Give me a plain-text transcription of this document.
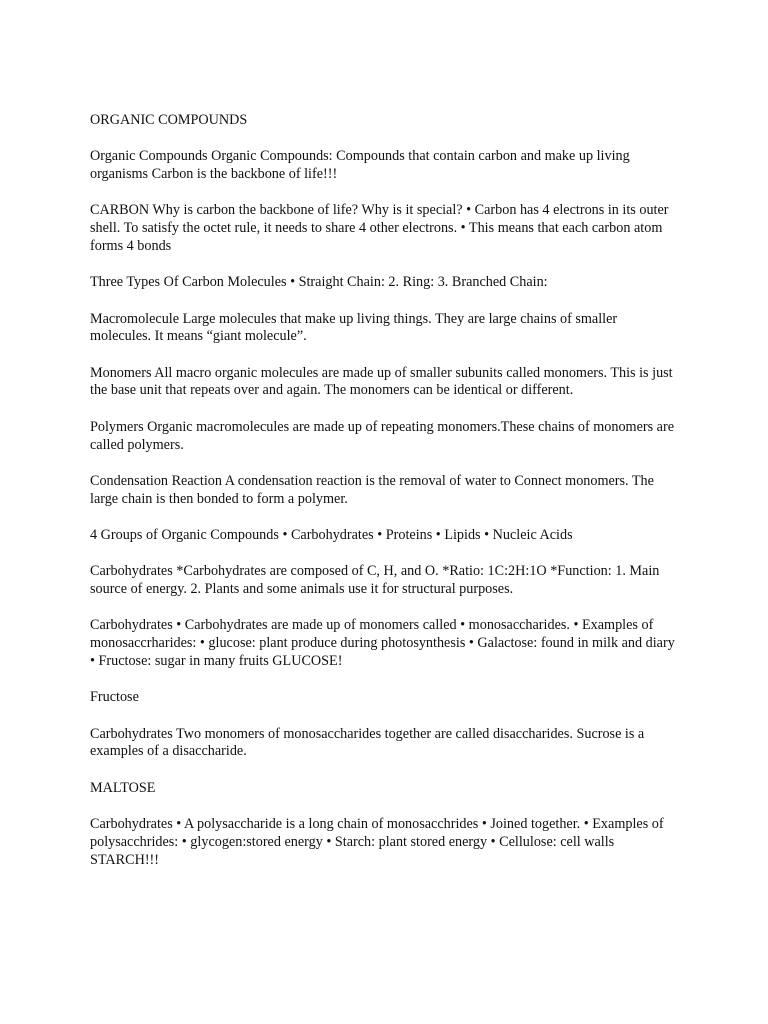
ORGANIC COMPOUNDS

Organic Compounds Organic Compounds: Compounds that contain carbon and make up living organisms Carbon is the backbone of life!!!

CARBON Why is carbon the backbone of life? Why is it special? • Carbon has 4 electrons in its outer shell. To satisfy the octet rule, it needs to share 4 other electrons. • This means that each carbon atom forms 4 bonds

Three Types Of Carbon Molecules • Straight Chain: 2. Ring: 3. Branched Chain:

Macromolecule Large molecules that make up living things. They are large chains of smaller molecules. It means “giant molecule”.

Monomers All macro organic molecules are made up of smaller subunits called monomers. This is just the base unit that repeats over and again. The monomers can be identical or different.

Polymers Organic macromolecules are made up of repeating monomers.These chains of monomers are called polymers.

Condensation Reaction A condensation reaction is the removal of water to Connect monomers. The large chain is then bonded to form a polymer.

4 Groups of Organic Compounds • Carbohydrates • Proteins • Lipids • Nucleic Acids

Carbohydrates *Carbohydrates are composed of C, H, and O. *Ratio: 1C:2H:1O *Function: 1. Main source of energy. 2. Plants and some animals use it for structural purposes.

Carbohydrates • Carbohydrates are made up of monomers called • monosaccharides. • Examples of monosaccrharides: • glucose: plant produce during photosynthesis • Galactose: found in milk and diary • Fructose: sugar in many fruits GLUCOSE!

Fructose

Carbohydrates Two monomers of monosaccharides together are called disaccharides. Sucrose is a examples of a disaccharide.

MALTOSE

Carbohydrates • A polysaccharide is a long chain of monosacchrides • Joined together. • Examples of polysacchrides: • glycogen:stored energy • Starch: plant stored energy • Cellulose: cell walls STARCH!!!
